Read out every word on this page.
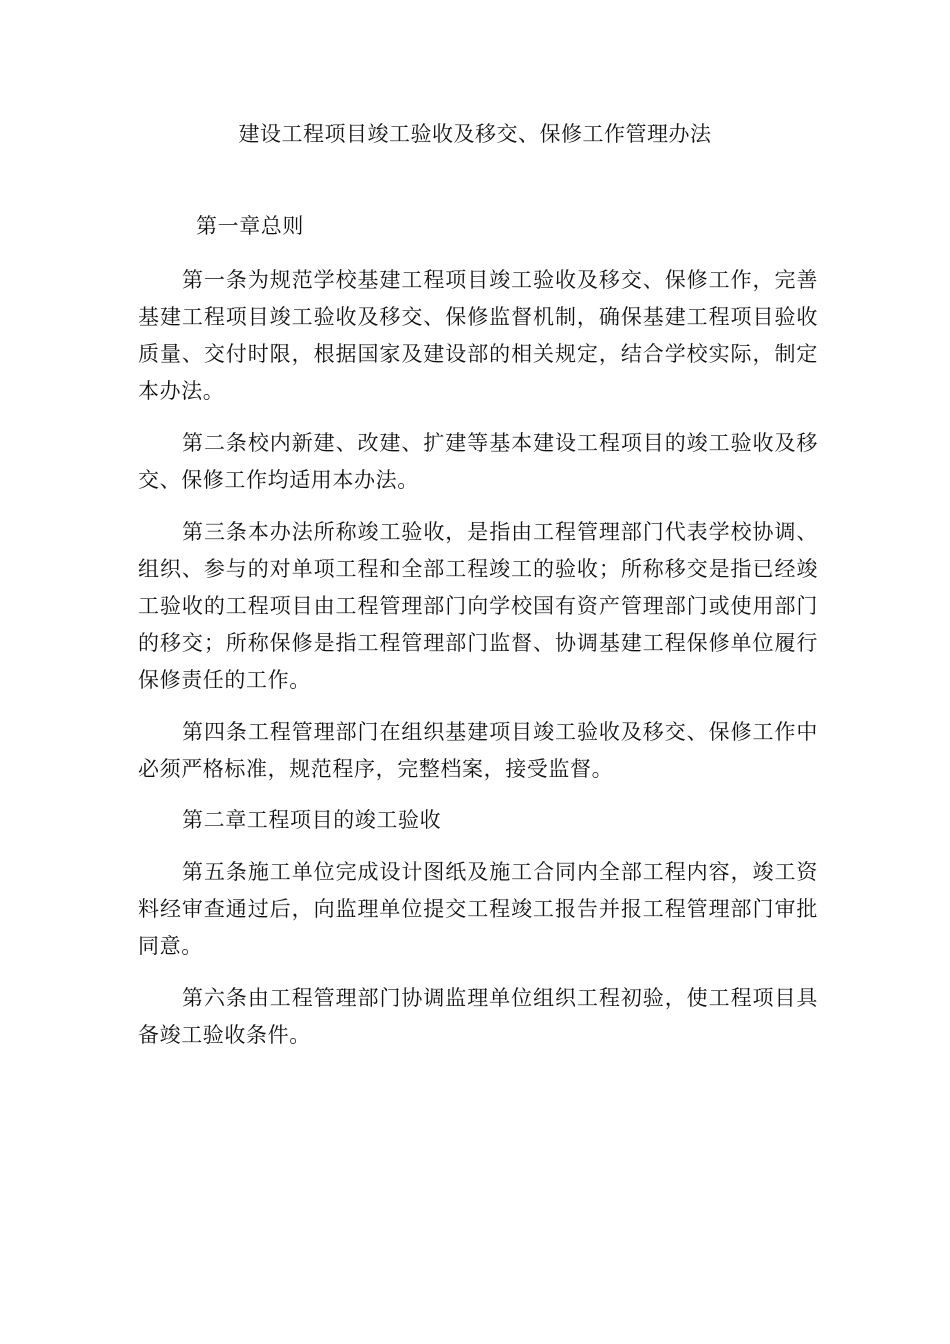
建设工程项目竣工验收及移交、保修工作管理办法

第一章总则

第一条为规范学校基建工程项目竣工验收及移交、保修工作，完善基建工程项目竣工验收及移交、保修监督机制，确保基建工程项目验收质量、交付时限，根据国家及建设部的相关规定，结合学校实际，制定本办法。

第二条校内新建、改建、扩建等基本建设工程项目的竣工验收及移交、保修工作均适用本办法。

第三条本办法所称竣工验收，是指由工程管理部门代表学校协调、组织、参与的对单项工程和全部工程竣工的验收；所称移交是指已经竣工验收的工程项目由工程管理部门向学校国有资产管理部门或使用部门的移交；所称保修是指工程管理部门监督、协调基建工程保修单位履行保修责任的工作。

第四条工程管理部门在组织基建项目竣工验收及移交、保修工作中必须严格标准，规范程序，完整档案，接受监督。

第二章工程项目的竣工验收

第五条施工单位完成设计图纸及施工合同内全部工程内容，竣工资料经审查通过后，向监理单位提交工程竣工报告并报工程管理部门审批同意。

第六条由工程管理部门协调监理单位组织工程初验，使工程项目具备竣工验收条件。
